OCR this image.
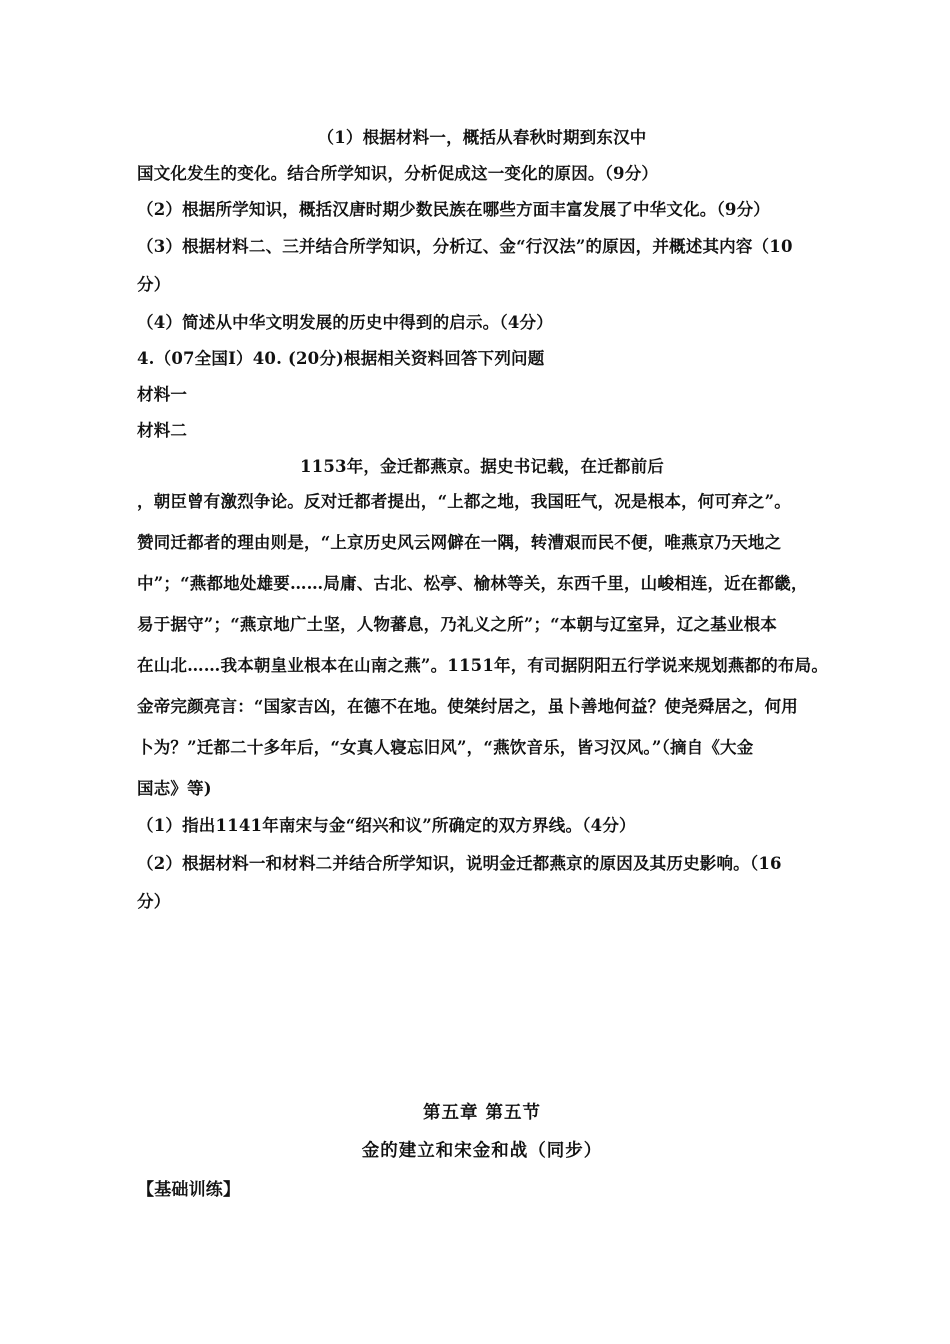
（1）根据材料一，概括从春秋时期到东汉中
国文化发生的变化。结合所学知识，分析促成这一变化的原因。（9分）
（2）根据所学知识，概括汉唐时期少数民族在哪些方面丰富发展了中华文化。（9分）
（3）根据材料二、三并结合所学知识，分析辽、金“行汉法”的原因，并概述其内容（10
分）
（4）简述从中华文明发展的历史中得到的启示。（4分）
4.（07全国Ⅰ）40. (20分)根据相关资料回答下列问题
材料一
材料二
1153年，金迁都燕京。据史书记载，在迁都前后
，朝臣曾有激烈争论。反对迁都者提出，“上都之地，我国旺气，况是根本，何可弃之”。
赞同迁都者的理由则是，“上京历史风云网僻在一隅，转漕艰而民不便，唯燕京乃天地之
中”；“燕都地处雄要……局庸、古北、松亭、榆林等关，东西千里，山峻相连，近在都畿，
易于据守”；“燕京地广土坚，人物蕃息，乃礼义之所”；“本朝与辽室异，辽之基业根本
在山北……我本朝皇业根本在山南之燕”。1151年，有司据阴阳五行学说来规划燕都的布局。
金帝完颜亮言：“国家吉凶，在德不在地。使桀纣居之，虽卜善地何益？使尧舜居之，何用
卜为？”迁都二十多年后，“女真人寝忘旧风”，“燕饮音乐，皆习汉风。”（摘自《大金
国志》等)
（1）指出1141年南宋与金“绍兴和议”所确定的双方界线。（4分）
（2）根据材料一和材料二并结合所学知识，说明金迁都燕京的原因及其历史影响。（16
分）
第五章 第五节
金的建立和宋金和战（同步）
【基础训练】
